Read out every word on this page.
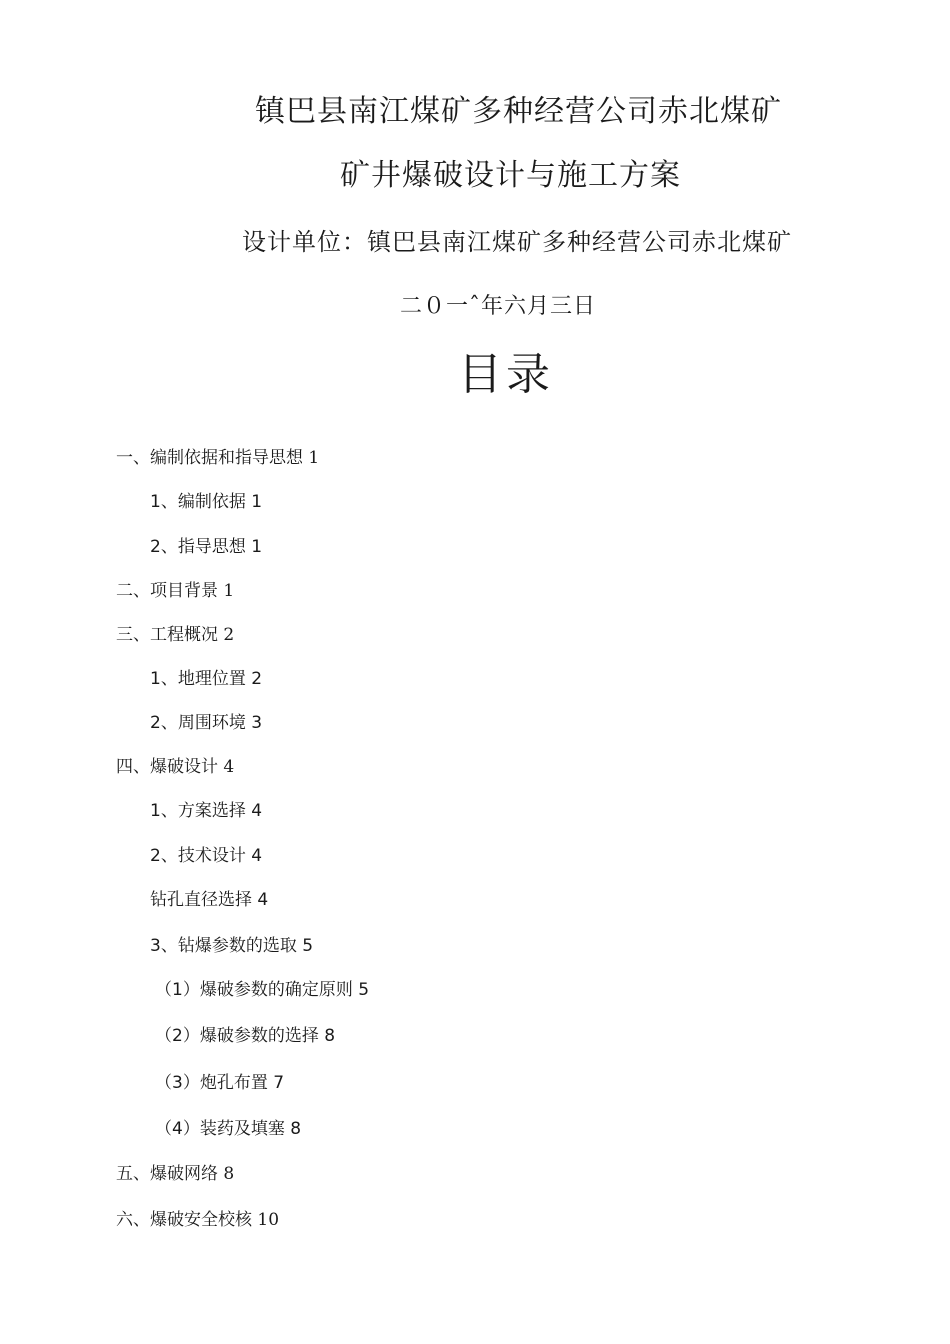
镇巴县南江煤矿多种经营公司赤北煤矿
矿井爆破设计与施工方案
设计单位：镇巴县南江煤矿多种经营公司赤北煤矿
二０一ˆ年六月三日
目录
一、编制依据和指导思想 1
1、编制依据 1
2、指导思想 1
二、项目背景 1
三、工程概况 2
1、地理位置 2
2、周围环境 3
四、爆破设计 4
1、方案选择 4
2、技术设计 4
钻孔直径选择 4
3、钻爆参数的选取 5
（1）爆破参数的确定原则 5
（2）爆破参数的选择 8
（3）炮孔布置 7
（4）装药及填塞 8
五、爆破网络 8
六、爆破安全校核 10
